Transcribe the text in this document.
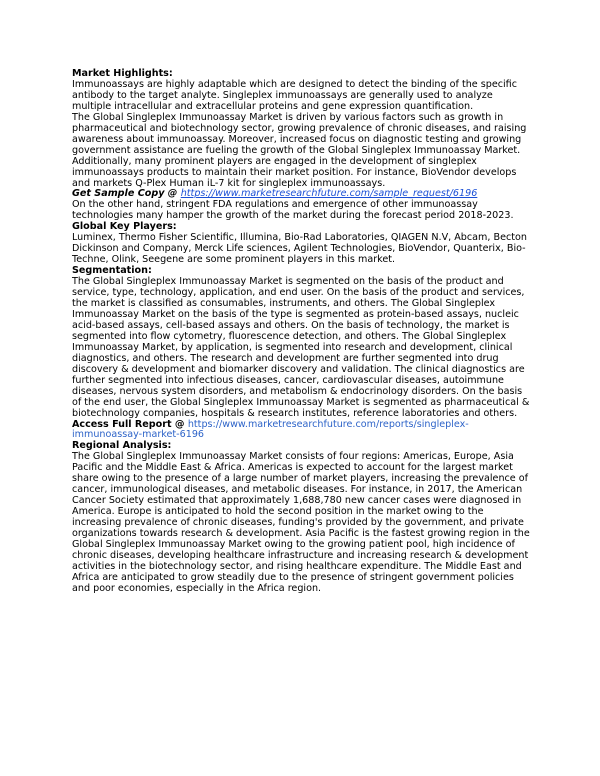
Market Highlights:
Immunoassays are highly adaptable which are designed to detect the binding of the specific antibody to the target analyte. Singleplex immunoassays are generally used to analyze multiple intracellular and extracellular proteins and gene expression quantification.
The Global Singleplex Immunoassay Market is driven by various factors such as growth in pharmaceutical and biotechnology sector, growing prevalence of chronic diseases, and raising awareness about immunoassay. Moreover, increased focus on diagnostic testing and growing government assistance are fueling the growth of the Global Singleplex Immunoassay Market. Additionally, many prominent players are engaged in the development of singleplex immunoassays products to maintain their market position. For instance, BioVendor develops and markets Q-Plex Human iL-7 kit for singleplex immunoassays.
Get Sample Copy @ https://www.marketresearchfuture.com/sample_request/6196
On the other hand, stringent FDA regulations and emergence of other immunoassay technologies many hamper the growth of the market during the forecast period 2018-2023.
Global Key Players:
Luminex, Thermo Fisher Scientific, Illumina, Bio-Rad Laboratories, QIAGEN N.V, Abcam, Becton Dickinson and Company, Merck Life sciences, Agilent Technologies, BioVendor, Quanterix, Bio-Techne, Olink, Seegene are some prominent players in this market.
Segmentation:
The Global Singleplex Immunoassay Market is segmented on the basis of the product and service, type, technology, application, and end user. On the basis of the product and services, the market is classified as consumables, instruments, and others. The Global Singleplex Immunoassay Market on the basis of the type is segmented as protein-based assays, nucleic acid-based assays, cell-based assays and others. On the basis of technology, the market is segmented into flow cytometry, fluorescence detection, and others. The Global Singleplex Immunoassay Market, by application, is segmented into research and development, clinical diagnostics, and others. The research and development are further segmented into drug discovery & development and biomarker discovery and validation. The clinical diagnostics are further segmented into infectious diseases, cancer, cardiovascular diseases, autoimmune diseases, nervous system disorders, and metabolism & endocrinology disorders. On the basis of the end user, the Global Singleplex Immunoassay Market is segmented as pharmaceutical & biotechnology companies, hospitals & research institutes, reference laboratories and others.
Access Full Report @ https://www.marketresearchfuture.com/reports/singleplex-immunoassay-market-6196
Regional Analysis:
The Global Singleplex Immunoassay Market consists of four regions: Americas, Europe, Asia Pacific and the Middle East & Africa. Americas is expected to account for the largest market share owing to the presence of a large number of market players, increasing the prevalence of cancer, immunological diseases, and metabolic diseases. For instance, in 2017, the American Cancer Society estimated that approximately 1,688,780 new cancer cases were diagnosed in America. Europe is anticipated to hold the second position in the market owing to the increasing prevalence of chronic diseases, funding's provided by the government, and private organizations towards research & development. Asia Pacific is the fastest growing region in the Global Singleplex Immunoassay Market owing to the growing patient pool, high incidence of chronic diseases, developing healthcare infrastructure and increasing research & development activities in the biotechnology sector, and rising healthcare expenditure. The Middle East and Africa are anticipated to grow steadily due to the presence of stringent government policies and poor economies, especially in the Africa region.
